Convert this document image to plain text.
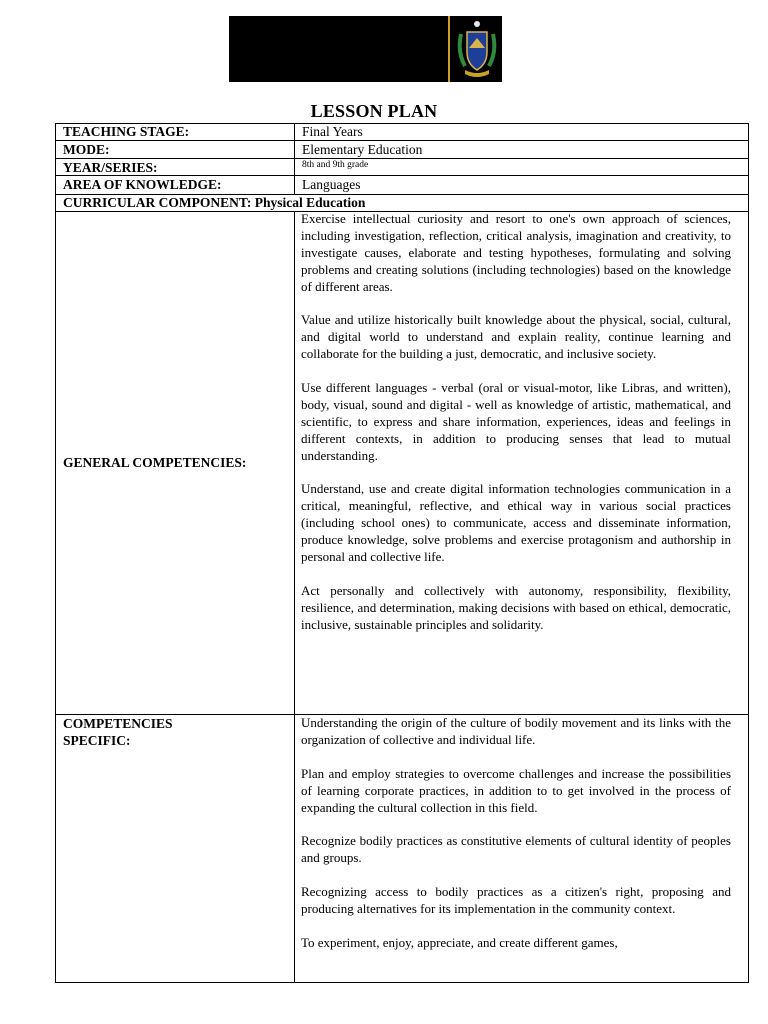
LESSON PLAN
TEACHING STAGE:	Final Years
MODE:	Elementary Education
YEAR/SERIES:	8th and 9th grade
AREA OF KNOWLEDGE:	Languages
CURRICULAR COMPONENT: Physical Education
GENERAL COMPETENCIES:

Exercise intellectual curiosity and resort to one's own approach of sciences, including investigation, reflection, critical analysis, imagination and creativity, to investigate causes, elaborate and testing hypotheses, formulating and solving problems and creating solutions (including technologies) based on the knowledge of different areas.

Value and utilize historically built knowledge about the physical, social, cultural, and digital world to understand and explain reality, continue learning and collaborate for the building a just, democratic, and inclusive society.

Use different languages - verbal (oral or visual-motor, like Libras, and written), body, visual, sound and digital - well as knowledge of artistic, mathematical, and scientific, to express and share information, experiences, ideas and feelings in different contexts, in addition to producing senses that lead to mutual understanding.

Understand, use and create digital information technologies communication in a critical, meaningful, reflective, and ethical way in various social practices (including school ones) to communicate, access and disseminate information, produce knowledge, solve problems and exercise protagonism and authorship in personal and collective life.

Act personally and collectively with autonomy, responsibility, flexibility, resilience, and determination, making decisions with based on ethical, democratic, inclusive, sustainable principles and solidarity.

COMPETENCIES
SPECIFIC:

Understanding the origin of the culture of bodily movement and its links with the organization of collective and individual life.

Plan and employ strategies to overcome challenges and increase the possibilities of learning corporate practices, in addition to to get involved in the process of expanding the cultural collection in this field.

Recognize bodily practices as constitutive elements of cultural identity of peoples and groups.

Recognizing access to bodily practices as a citizen's right, proposing and producing alternatives for its implementation in the community context.

To experiment, enjoy, appreciate, and create different games,
